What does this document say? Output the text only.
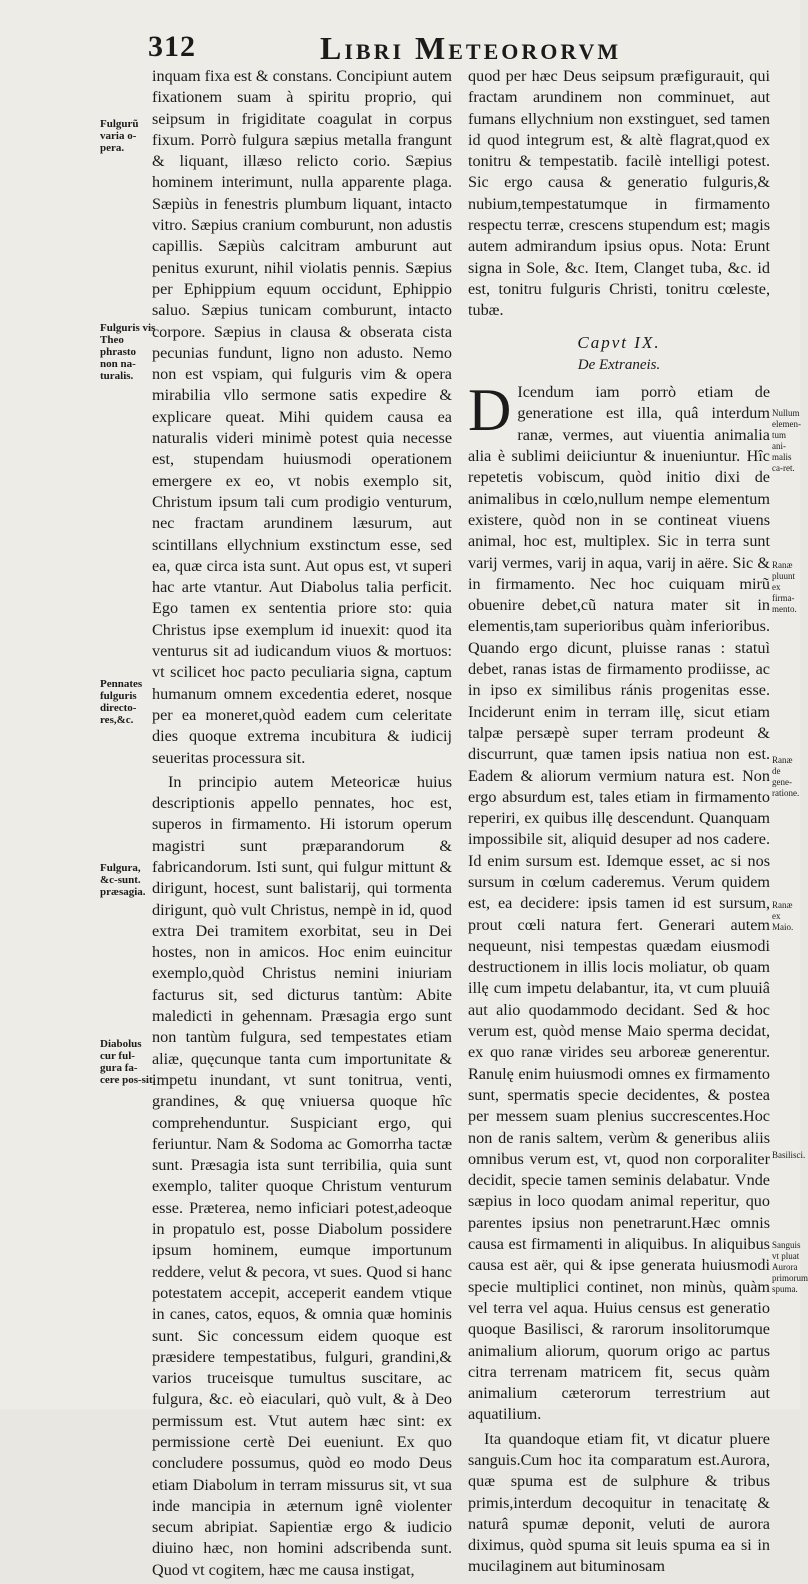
312	Libri Meteororvm
Fulgurũ varia o-pera.
Fulguris vis Theo phrasto non na-turalis.
Pennates fulguris directo-res,&c.
Fulgura, &c-sunt. præsagia.
Diabolus cur ful-gura fa-cere pos-sit.
Nullum elemen-tum ani-malis ca-ret.
Ranæ pluunt ex firma-mento.
Ranæ de gene-ratione.
Ranæ ex Maio.
Basilisci.
Sanguis vt pluat Aurora primorum spuma.

inquam fixa est & constans. Concipiunt autem fixationem suam à spiritu proprio, qui seipsum in frigiditate coagulat in corpus fixum. Porrò fulgura sæpius metalla frangunt & liquant, illæso relicto corio. Sæpius hominem interimunt, nulla apparente plaga. Sæpiùs in fenestris plumbum liquant, intacto vitro. Sæpius cranium comburunt, non adustis capillis. Sæpiùs calcitram amburunt aut penitus exurunt, nihil violatis pennis. Sæpius per Ephippium equum occidunt, Ephippio saluo. Sæpius tunicam comburunt, intacto corpore. Sæpius in clausa & obserata cista pecunias fundunt, ligno non adusto. Nemo non est vspiam, qui fulguris vim & opera mirabilia vllo sermone satis expedire & explicare queat. Mihi quidem causa ea naturalis videri minimè potest quia necesse est, stupendam huiusmodi operationem emergere ex eo, vt nobis exemplo sit, Christum ipsum tali cum prodigio venturum, nec fractam arundinem læsurum, aut scintillans ellychnium exstinctum esse, sed ea, quæ circa ista sunt. Aut opus est, vt superi hac arte vtantur. Aut Diabolus talia perficit. Ego tamen ex sententia priore sto: quia Christus ipse exemplum id inuexit: quod ita venturus sit ad iudicandum viuos & mortuos: vt scilicet hoc pacto peculiaria signa, captum humanum omnem excedentia ederet, nosque per ea moneret,quòd eadem cum celeritate dies quoque extrema incubitura & iudicij seueritas processura sit.

In principio autem Meteoricæ huius descriptionis appello pennates, hoc est, superos in firmamento. Hi istorum operum magistri sunt præparandorum & fabricandorum. Isti sunt, qui fulgur mittunt & dirigunt, hocest, sunt balistarij, qui tormenta dirigunt, quò vult Christus, nempè in id, quod extra Dei tramitem exorbitat, seu in Dei hostes, non in amicos. Hoc enim euincitur exemplo,quòd Christus nemini iniuriam facturus sit, sed dicturus tantùm: Abite maledicti in gehennam. Præsagia ergo sunt non tantùm fulgura, sed tempestates etiam aliæ, quęcunque tanta cum importunitate & impetu inundant, vt sunt tonitrua, venti, grandines, & quę vniuersa quoque hîc comprehenduntur. Suspiciant ergo, qui feriuntur. Nam & Sodoma ac Gomorrha tactæ sunt. Præsagia ista sunt terribilia, quia sunt exemplo, taliter quoque Christum venturum esse. Præterea, nemo inficiari potest,adeoque in propatulo est, posse Diabolum possidere ipsum hominem, eumque importunum reddere, velut & pecora, vt sues. Quod si hanc potestatem accepit, acceperit eandem vtique in canes, catos, equos, & omnia quæ hominis sunt. Sic concessum eidem quoque est præsidere tempestatibus, fulguri, grandini,& varios truceisque tumultus suscitare, ac fulgura, &c. eò eiaculari, quò vult, & à Deo permissum est. Vtut autem hæc sint: ex permissione certè Dei eueniunt. Ex quo concludere possumus, quòd eo modo Deus etiam Diabolum in terram missurus sit, vt sua inde mancipia in æternum ignê violenter secum abripiat. Sapientiæ ergo & iudicio diuino hæc, non homini adscribenda sunt. Quod vt cogitem, hæc me causa instigat,

quod per hæc Deus seipsum præfigurauit, qui fractam arundinem non comminuet, aut fumans ellychnium non exstinguet, sed tamen id quod integrum est, & altè flagrat,quod ex tonitru & tempestatib. facilè intelligi potest. Sic ergo causa & generatio fulguris,& nubium,tempestatumque in firmamento respectu terræ, crescens stupendum est; magis autem admirandum ipsius opus. Nota: Erunt signa in Sole, &c. Item, Clanget tuba, &c. id est, tonitru fulguris Christi, tonitru cœleste, tubæ.

Capvt IX.
De Extraneis.

D Icendum iam porrò etiam de generatione est illa, quâ interdum ranæ, vermes, aut viuentia animalia alia è sublimi deiiciuntur & inueniuntur. Hîc repetetis vobiscum, quòd initio dixi de animalibus in cœlo,nullum nempe elementum existere, quòd non in se contineat viuens animal, hoc est, multiplex. Sic in terra sunt varij vermes, varij in aqua, varij in aëre. Sic & in firmamento. Nec hoc cuiquam mirũ obuenire debet,cũ natura mater sit in elementis,tam superioribus quàm inferioribus. Quando ergo dicunt, pluisse ranas : statuì debet, ranas istas de firmamento prodiisse, ac in ipso ex similibus ránis progenitas esse. Inciderunt enim in terram illę, sicut etiam talpæ persæpè super terram prodeunt & discurrunt, quæ tamen ipsis natiua non est. Eadem & aliorum vermium natura est. Non ergo absurdum est, tales etiam in firmamento reperiri, ex quibus illę descendunt. Quanquam impossibile sit, aliquid desuper ad nos cadere. Id enim sursum est. Idemque esset, ac si nos sursum in cœlum caderemus. Verum quidem est, ea decidere: ipsis tamen id est sursum, prout cœli natura fert. Generari autem nequeunt, nisi tempestas quædam eiusmodi destructionem in illis locis moliatur, ob quam illę cum impetu delabantur, ita, vt cum pluuiâ aut alio quodammodo decidant. Sed & hoc verum est, quòd mense Maio sperma decidat, ex quo ranæ virides seu arboreæ generentur. Ranulę enim huiusmodi omnes ex firmamento sunt, spermatis specie decidentes, & postea per messem suam plenius succrescentes.Hoc non de ranis saltem, verùm & generibus aliis omnibus verum est, vt, quod non corporaliter decidit, specie tamen seminis delabatur. Vnde sæpius in loco quodam animal reperitur, quo parentes ipsius non penetrarunt.Hæc omnis causa est firmamenti in aliquibus. In aliquibus causa est aër, qui & ipse generata huiusmodi specie multiplici continet, non minùs, quàm vel terra vel aqua. Huius census est generatio quoque Basilisci, & rarorum insolitorumque animalium aliorum, quorum origo ac partus citra terrenam matricem fit, secus quàm animalium cæterorum terrestrium aut aquatilium.

Ita quandoque etiam fit, vt dicatur pluere sanguis.Cum hoc ita comparatum est.Aurora, quæ spuma est de sulphure & tribus primis,interdum decoquitur in tenacitatę & naturâ spumæ deponit, veluti de aurora diximus, quòd spuma sit leuis spuma ea si in mucilaginem aut bituminosam
